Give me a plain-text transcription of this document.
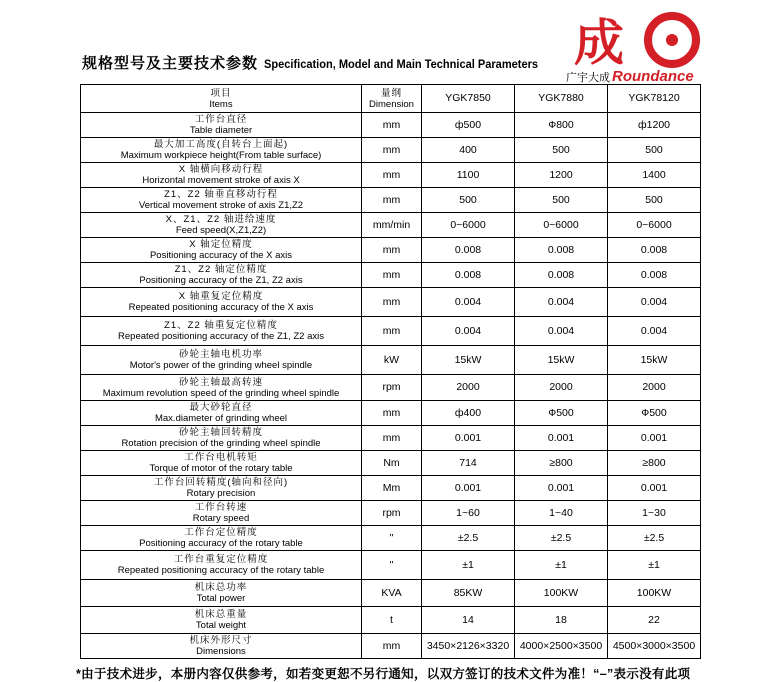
规格型号及主要技术参数 Specification, Model and Main Technical Parameters 成
广宇大成 Roundance
项目
Items	量纲
Dimension	YGK7850	YGK7880	YGK78120

工作台直径
Table diameter	mm	ф500	Ф800	ф1200

最大加工高度(自转台上面起)
Maximum workpiece height(From table surface)	mm	400	500	500

X 轴横向移动行程
Horizontal movement stroke of axis X	mm	1100	1200	1400

Z1、Z2 轴垂直移动行程
Vertical movement stroke of axis Z1,Z2	mm	500	500	500

X、Z1、Z2 轴进给速度
Feed speed(X,Z1,Z2)	mm/min	0~6000	0~6000	0~6000

X 轴定位精度
Positioning accuracy of the X axis	mm	0.008	0.008	0.008

Z1、Z2 轴定位精度
Positioning accuracy of the Z1, Z2 axis	mm	0.008	0.008	0.008

X 轴重复定位精度
Repeated positioning accuracy of the X axis	mm	0.004	0.004	0.004

Z1、Z2 轴重复定位精度
Repeated positioning accuracy of the Z1, Z2 axis	mm	0.004	0.004	0.004

砂轮主轴电机功率
Motor's power of the grinding wheel spindle	kW	15kW	15kW	15kW

砂轮主轴最高转速
Maximum revolution speed of the grinding wheel spindle	rpm	2000	2000	2000

最大砂轮直径
Max.diameter of grinding wheel	mm	ф400	Ф500	Ф500

砂轮主轴回转精度
Rotation precision of the grinding wheel spindle	mm	0.001	0.001	0.001

工作台电机转矩
Torque of motor of the rotary table	Nm	714	≥800	≥800

工作台回转精度(轴向和径向)
Rotary precision	Mm	0.001	0.001	0.001

工作台转速
Rotary speed	rpm	1~60	1~40	1~30

工作台定位精度
Positioning accuracy of the rotary table	"	±2.5	±2.5	±2.5

工作台重复定位精度
Repeated positioning accuracy of the rotary table	"	±1	±1	±1

机床总功率
Total power	KVA	85KW	100KW	100KW

机床总重量
Total weight	t	14	18	22

机床外形尺寸
Dimensions	mm	3450×2126×3320	4000×2500×3500	4500×3000×3500
*由于技术进步，本册内容仅供参考，如若变更恕不另行通知，以双方签订的技术文件为准！“–”表示没有此项
